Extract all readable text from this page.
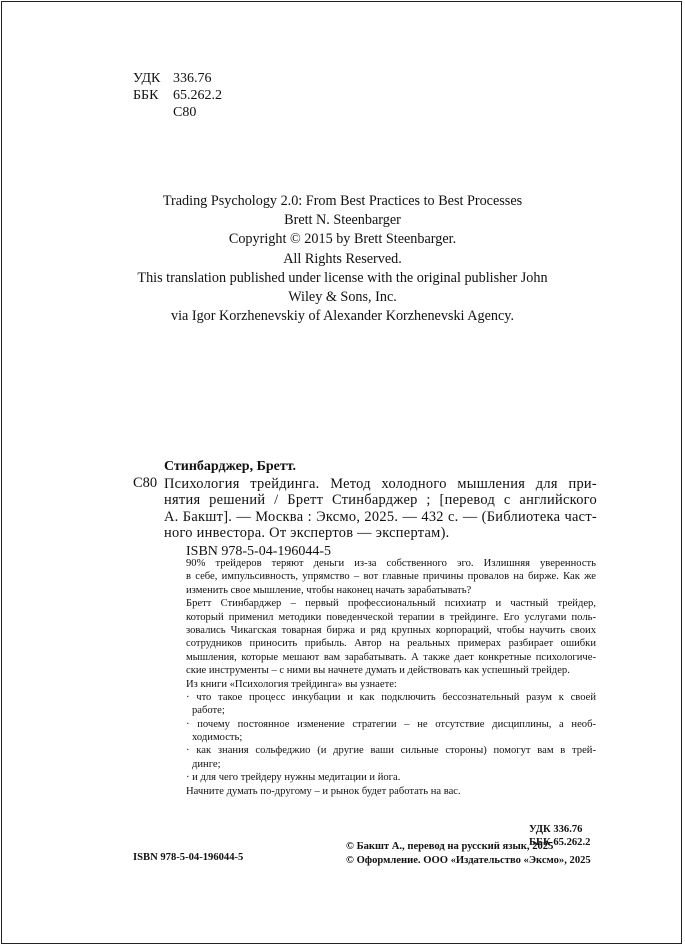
УДК 336.76
ББК 65.262.2
С80
Trading Psychology 2.0: From Best Practices to Best Processes
Brett N. Steenbarger
Copyright © 2015 by Brett Steenbarger.
All Rights Reserved.
This translation published under license with the original publisher John
Wiley & Sons, Inc.
via Igor Korzhenevskiy of Alexander Korzhenevski Agency.
Стинбарджер, Бретт.
С80 Психология трейдинга. Метод холодного мышления для при-
нятия решений / Бретт Стинбарджер ; [перевод с английского
А. Бакшт]. — Москва : Эксмо, 2025. — 432 с. — (Библиотека част-
ного инвестора. От экспертов — экспертам).
ISBN 978-5-04-196044-5
90% трейдеров теряют деньги из-за собственного эго. Излишняя уверенность
в себе, импульсивность, упрямство – вот главные причины провалов на бирже. Как же
изменить свое мышление, чтобы наконец начать зарабатывать?
Бретт Стинбарджер – первый профессиональный психиатр и частный трейдер,
который применил методики поведенческой терапии в трейдинге. Его услугами поль-
зовались Чикагская товарная биржа и ряд крупных корпораций, чтобы научить своих
сотрудников приносить прибыль. Автор на реальных примерах разбирает ошибки
мышления, которые мешают вам зарабатывать. А также дает конкретные психологиче-
ские инструменты – с ними вы начнете думать и действовать как успешный трейдер.
Из книги «Психология трейдинга» вы узнаете:
· что такое процесс инкубации и как подключить бессознательный разум к своей
работе;
· почему постоянное изменение стратегии – не отсутствие дисциплины, а необ-
ходимость;
· как знания сольфеджио (и другие ваши сильные стороны) помогут вам в трей-
динге;
· и для чего трейдеру нужны медитации и йога.
Начните думать по-другому – и рынок будет работать на вас.
УДК 336.76
ББК 65.262.2
ISBN 978-5-04-196044-5
© Бакшт А., перевод на русский язык, 2025
© Оформление. ООО «Издательство «Эксмо», 2025
